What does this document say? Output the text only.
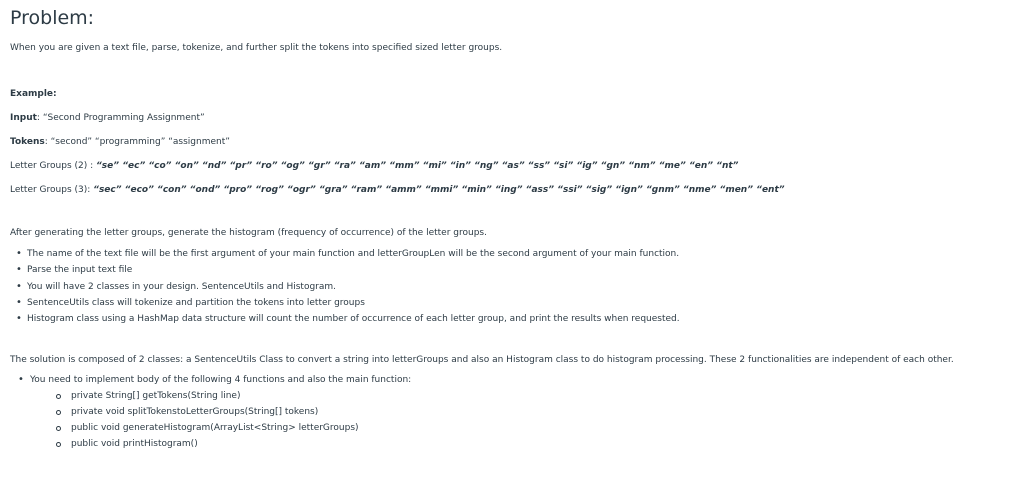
Problem:

When you are given a text file, parse, tokenize, and further split the tokens into specified sized letter groups.

Example:

Input: “Second Programming Assignment”

Tokens: “second” “programming” “assignment”

Letter Groups (2) : “se” “ec” “co” “on” “nd” “pr” “ro” “og” “gr” “ra” “am” “mm” “mi” “in” “ng” “as” “ss” “si” “ig” “gn” “nm” “me” “en” “nt”

Letter Groups (3): “sec” “eco” “con” “ond” “pro” “rog” “ogr” “gra” “ram” “amm” “mmi” “min” “ing” “ass” “ssi” “sig” “ign” “gnm” “nme” “men” “ent”

After generating the letter groups, generate the histogram (frequency of occurrence) of the letter groups.

• The name of the text file will be the first argument of your main function and letterGroupLen will be the second argument of your main function.
• Parse the input text file
• You will have 2 classes in your design. SentenceUtils and Histogram.
• SentenceUtils class will tokenize and partition the tokens into letter groups
• Histogram class using a HashMap data structure will count the number of occurrence of each letter group, and print the results when requested.

The solution is composed of 2 classes: a SentenceUtils Class to convert a string into letterGroups and also an Histogram class to do histogram processing. These 2 functionalities are independent of each other.

• You need to implement body of the following 4 functions and also the main function:
private String[] getTokens(String line)
private void splitTokenstoLetterGroups(String[] tokens)
public void generateHistogram(ArrayList<String> letterGroups)
public void printHistogram()
